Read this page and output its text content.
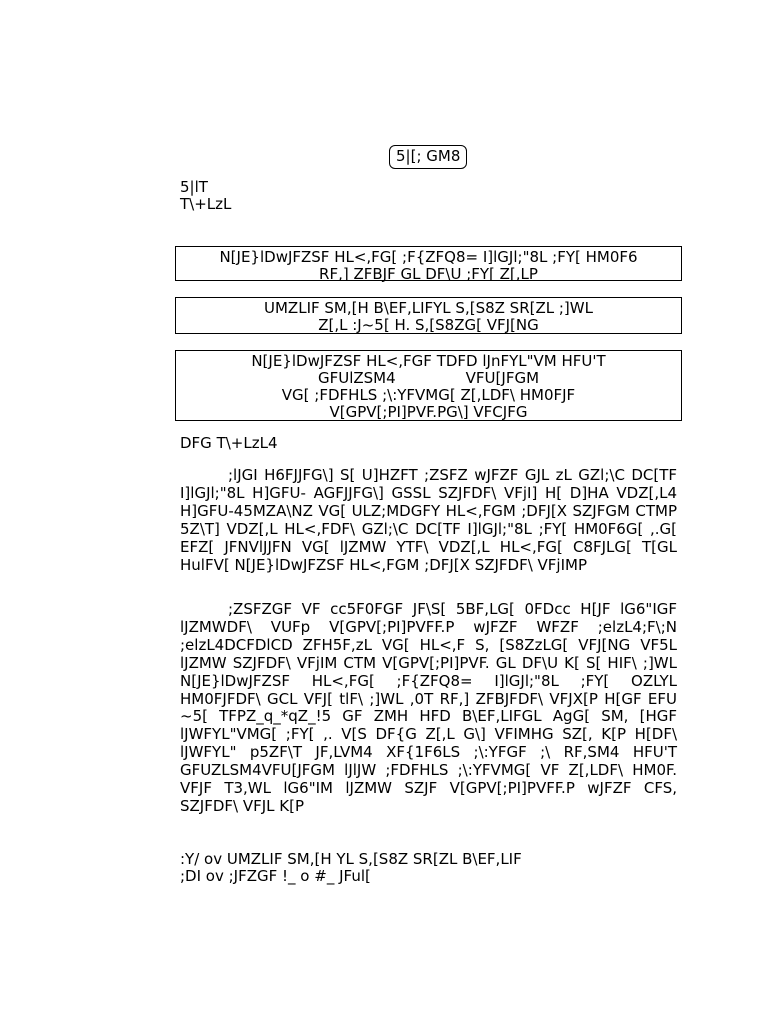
5|[; GM8
5|lT
T\+LzL
N[JE}lDwJFZSF HL<,FG[ ;F{ZFQ8= I]lGJl;"8L ;FY[ HM0F6
RF,] ZFBJF GL DF\U ;FY[ Z[,LP
UMZLIF SM,[H B\EF,LIFYL S,[S8Z SR[ZL ;]WL
Z[,L :J~5[ H. S,[S8ZG[ VFJ[NG
N[JE}lDwJFZSF HL<,FGF TDFD lJnFYL"VM HFU'T
GFUlZSM4	VFU[JFGM
VG[ ;FDFHLS ;\:YFVMG[ Z[,LDF\ HM0FJF
V[GPV[;PI]PVF.PG\] VFCJFG
DFG T\+LzL4
;lJGI H6FJJFG\] S[ U]HZFT ;ZSFZ wJFZF GJL zL GZl;\C DC[TF I]lGJl;"8L H]GFU- AGFJJFG\] GSSL SZJFDF\ VFjI] H[ D]HA VDZ[,L4 H]GFU-45MZA\NZ VG[ ULZ;MDGFY HL<,FGM ;DFJ[X SZJFGM CTMP 5Z\T] VDZ[,L HL<,FDF\ GZl;\C DC[TF I]lGJl;"8L ;FY[ HM0F6G[ ,.G[ EFZ[ JFNVlJJFN VG[ lJZMW YTF\ VDZ[,L HL<,FG[ C8FJLG[ T[GL HulFV[ N[JE}lDwJFZSF HL<,FGM ;DFJ[X SZJFDF\ VFjIMP
;ZSFZGF VF cc5F0FGF JF\S[ 5BF,LG[ 0FDcc H[JF lG6"IGF lJZMWDF\ VUFp V[GPV[;PI]PVFF.P wJFZF WFZF ;elzL4;F\;N ;elzL4DCFDlCD ZFH5F,zL VG[ HL<,F S, [S8ZzLG[ VFJ[NG VF5L lJZMW SZJFDF\ VFjIM CTM V[GPV[;PI]PVF. GL DF\U K[ S[ HIF\ ;]WL N[JE}lDwJFZSF HL<,FG[ ;F{ZFQ8= I]lGJl;"8L ;FY[ OZLYL HM0FJFDF\ GCL VFJ[ tlF\ ;]WL ,0T RF,] ZFBJFDF\ VFJX[P H[GF EFU ~5[ TFPZ_q_*qZ_!5 GF ZMH HFD B\EF,LIFGL AgG[ SM, [HGF lJWFYL"VMG[ ;FY[ ,. V[S DF{G Z[,L G\] VFIMHG SZ[, K[P H[DF\ lJWFYL" p5ZF\T JF,LVM4 XF{1F6LS ;\:YFGF ;\ RF,SM4 HFU'T GFUZLSM4VFU[JFGM lJlJW ;FDFHLS ;\:YFVMG[ VF Z[,LDF\ HM0F. VFJF T3,WL lG6"IM lJZMW SZJF V[GPV[;PI]PVFF.P wJFZF CFS, SZJFDF\ VFJL K[P
:Y/ ov UMZLIF SM,[H YL S,[S8Z SR[ZL B\EF,LIF
;DI ov ;JFZGF !_ o #_ JFul[
